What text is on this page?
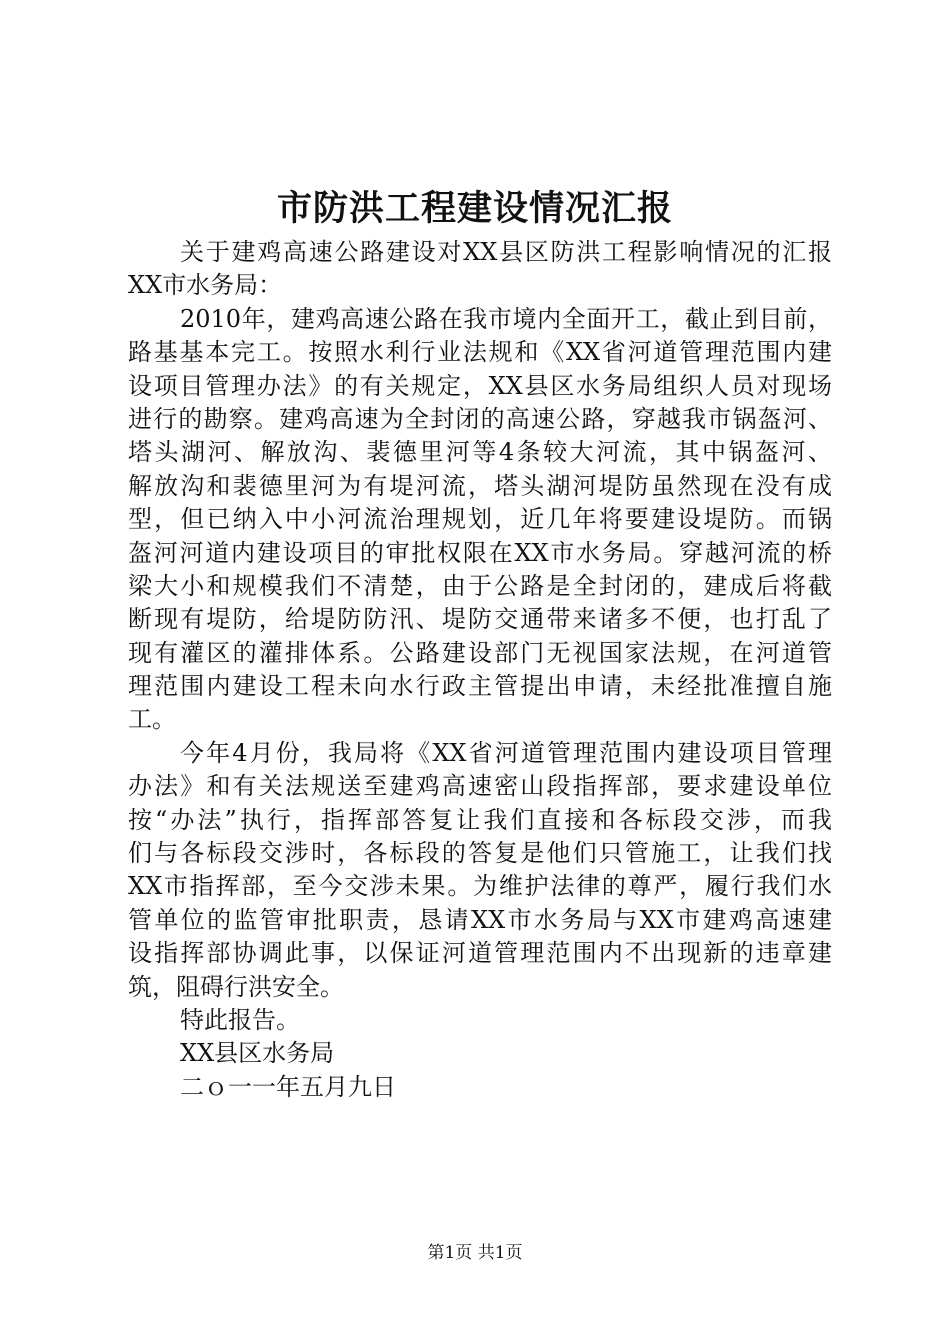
市防洪工程建设情况汇报
关于建鸡高速公路建设对XX县区防洪工程影响情况的汇报
XX市水务局：
2010年，建鸡高速公路在我市境内全面开工，截止到目前，
路基基本完工。按照水利行业法规和《XX省河道管理范围内建
设项目管理办法》的有关规定，XX县区水务局组织人员对现场
进行的勘察。建鸡高速为全封闭的高速公路，穿越我市锅盔河、
塔头湖河、解放沟、裴德里河等4条较大河流，其中锅盔河、
解放沟和裴德里河为有堤河流，塔头湖河堤防虽然现在没有成
型，但已纳入中小河流治理规划，近几年将要建设堤防。而锅
盔河河道内建设项目的审批权限在XX市水务局。穿越河流的桥
梁大小和规模我们不清楚，由于公路是全封闭的，建成后将截
断现有堤防，给堤防防汛、堤防交通带来诸多不便，也打乱了
现有灌区的灌排体系。公路建设部门无视国家法规，在河道管
理范围内建设工程未向水行政主管提出申请，未经批准擅自施
工。
今年4月份，我局将《XX省河道管理范围内建设项目管理
办法》和有关法规送至建鸡高速密山段指挥部，要求建设单位
按“办法”执行，指挥部答复让我们直接和各标段交涉，而我
们与各标段交涉时，各标段的答复是他们只管施工，让我们找
XX市指挥部，至今交涉未果。为维护法律的尊严，履行我们水
管单位的监管审批职责，恳请XX市水务局与XX市建鸡高速建
设指挥部协调此事，以保证河道管理范围内不出现新的违章建
筑，阻碍行洪安全。
特此报告。
XX县区水务局
二ｏ一一年五月九日
第1页 共1页
